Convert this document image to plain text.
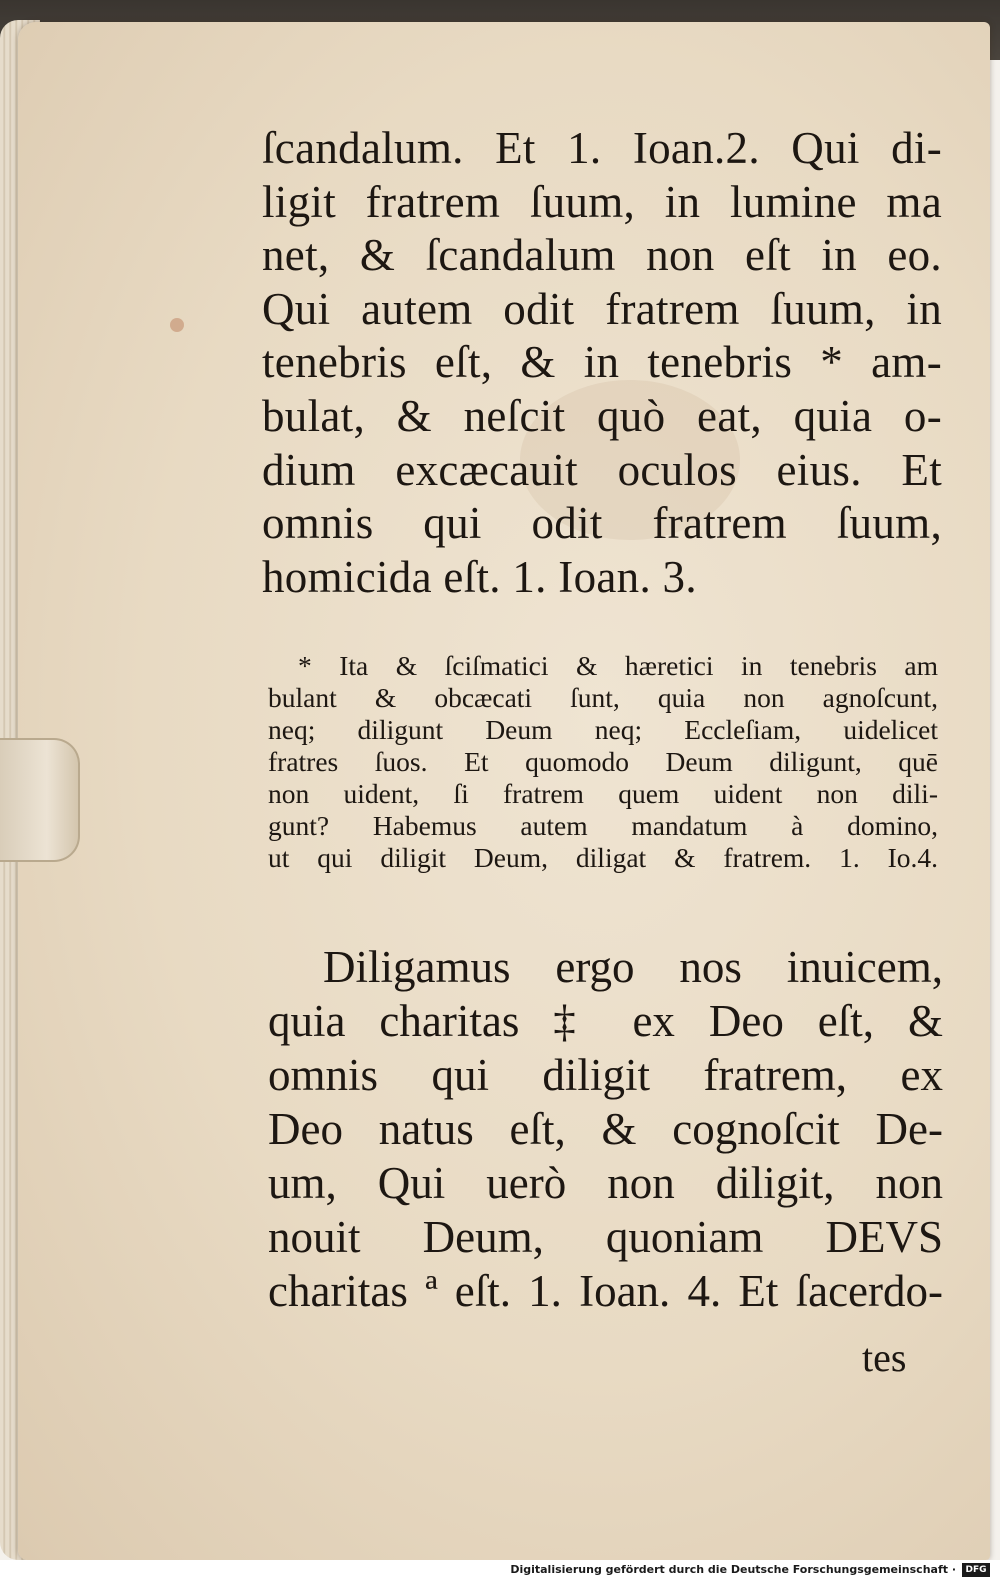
ſcandalum. Et 1. Ioan.2. Qui di-
ligit fratrem ſuum, in lumine ma
net, & ſcandalum non eſt in eo.
Qui autem odit fratrem ſuum, in
tenebris eſt, & in tenebris * am-
bulat, & neſcit quò eat, quia o-
dium excæcauit oculos eius. Et
omnis qui odit fratrem ſuum,
homicida eſt. 1. Ioan. 3.
* Ita & ſciſmatici & hæretici in tenebris am
bulant & obcæcati ſunt, quia non agnoſcunt,
neq; diligunt Deum neq; Eccleſiam, uidelicet
fratres ſuos. Et quomodo Deum diligunt, quē
non uident, ſi fratrem quem uident non dili-
gunt? Habemus autem mandatum à domino,
ut qui diligit Deum, diligat & fratrem. 1. Io.4.
Diligamus ergo nos inuicem,
quia charitas ‡ ex Deo eſt, &
omnis qui diligit fratrem, ex
Deo natus eſt, & cognoſcit De-
um, Qui uerò non diligit, non
nouit Deum, quoniam DEVS
charitas ª eſt. 1. Ioan. 4. Et ſacerdo-
tes
Digitalisierung gefördert durch die Deutsche Forschungsgemeinschaft ·	DFG
